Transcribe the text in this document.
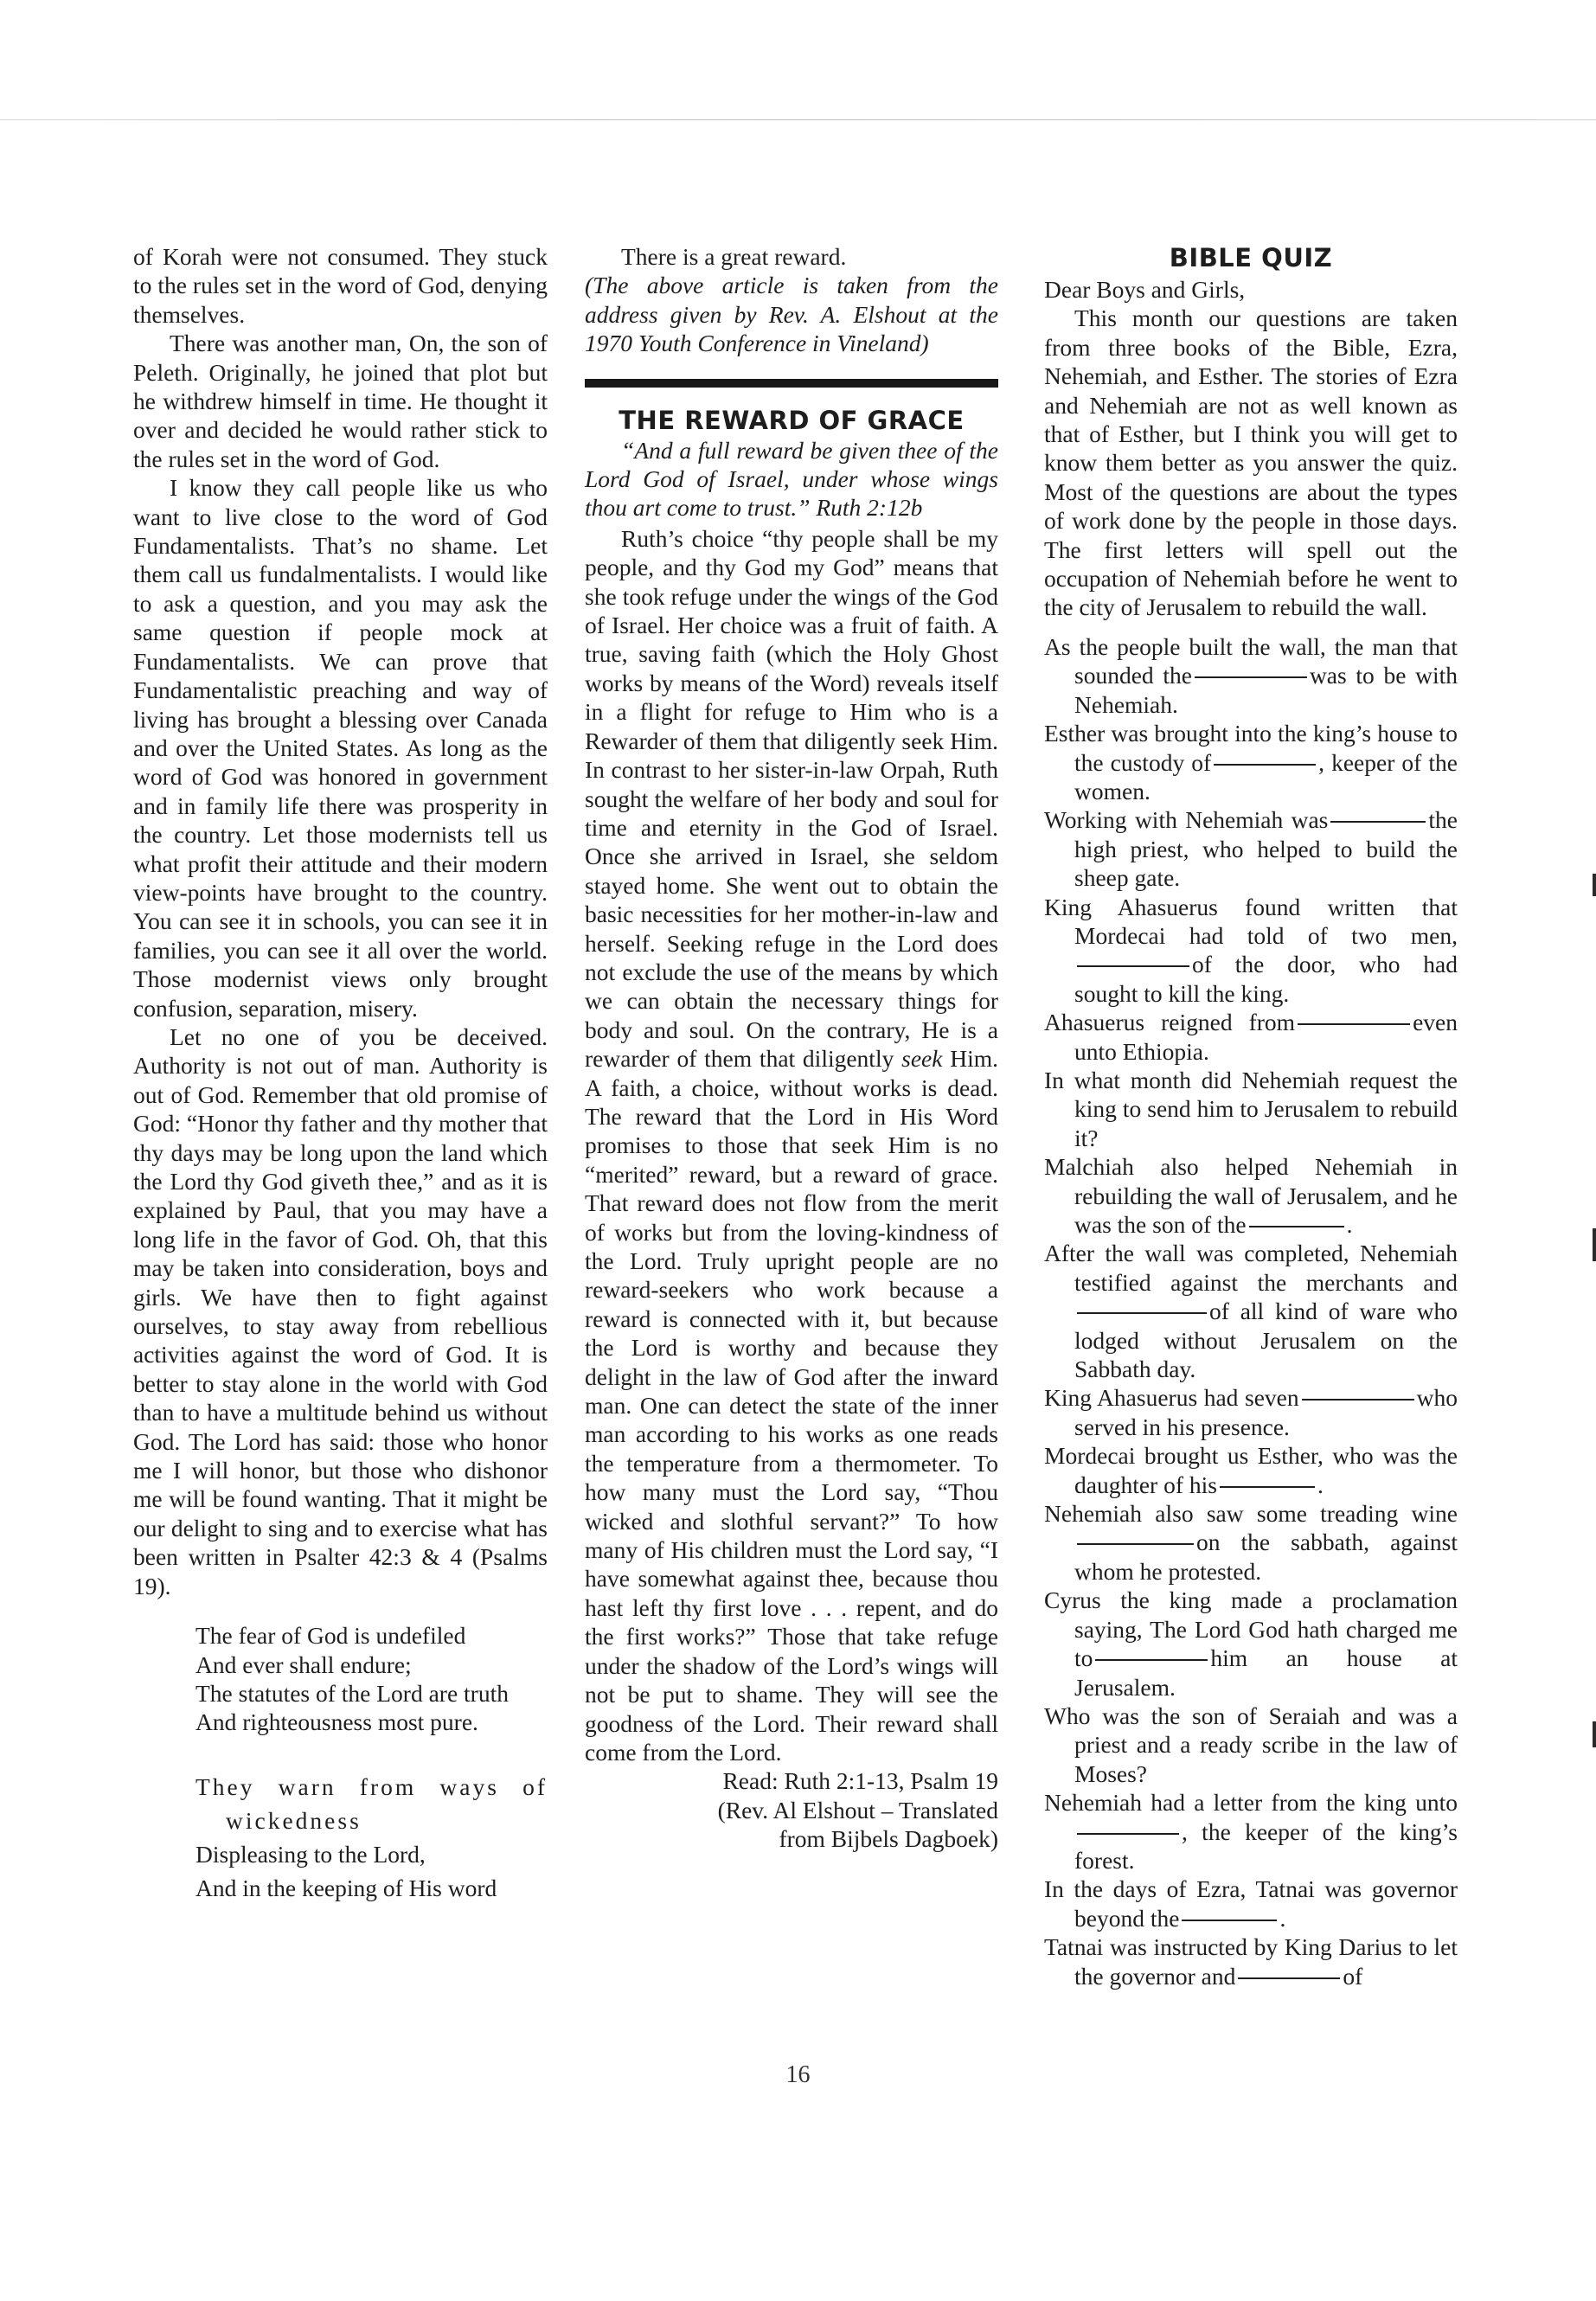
of Korah were not consumed. They stuck to the rules set in the word of God, denying themselves.

There was another man, On, the son of Peleth. Originally, he joined that plot but he withdrew himself in time. He thought it over and decided he would rather stick to the rules set in the word of God.

I know they call people like us who want to live close to the word of God Fundamentalists. That’s no shame. Let them call us fundalmentalists. I would like to ask a question, and you may ask the same question if people mock at Fundamentalists. We can prove that Fundamentalistic preaching and way of living has brought a blessing over Canada and over the United States. As long as the word of God was honored in government and in family life there was prosperity in the country. Let those modernists tell us what profit their attitude and their modern view-points have brought to the country. You can see it in schools, you can see it in families, you can see it all over the world. Those modernist views only brought confusion, separation, misery.

Let no one of you be deceived. Authority is not out of man. Authority is out of God. Remember that old promise of God: “Honor thy father and thy mother that thy days may be long upon the land which the Lord thy God giveth thee,” and as it is explained by Paul, that you may have a long life in the favor of God. Oh, that this may be taken into consideration, boys and girls. We have then to fight against ourselves, to stay away from rebellious activities against the word of God. It is better to stay alone in the world with God than to have a multitude behind us without God. The Lord has said: those who honor me I will honor, but those who dishonor me will be found wanting. That it might be our delight to sing and to exercise what has been written in Psalter 42:3 & 4 (Psalms 19).

The fear of God is undefiled

And ever shall endure;

The statutes of the Lord are truth

And righteousness most pure.

They warn from ways of wickedness

Displeasing to the Lord,

And in the keeping of His word

There is a great reward.

(The above article is taken from the address given by Rev. A. Elshout at the 1970 Youth Conference in Vineland)

THE REWARD OF GRACE

“And a full reward be given thee of the Lord God of Israel, under whose wings thou art come to trust.” Ruth 2:12b

Ruth’s choice “thy people shall be my people, and thy God my God” means that she took refuge under the wings of the God of Israel. Her choice was a fruit of faith. A true, saving faith (which the Holy Ghost works by means of the Word) reveals itself in a flight for refuge to Him who is a Rewarder of them that diligently seek Him. In contrast to her sister-in-law Orpah, Ruth sought the welfare of her body and soul for time and eternity in the God of Israel. Once she arrived in Israel, she seldom stayed home. She went out to obtain the basic necessities for her mother-in-law and herself. Seeking refuge in the Lord does not exclude the use of the means by which we can obtain the necessary things for body and soul. On the contrary, He is a rewarder of them that diligently seek Him. A faith, a choice, without works is dead. The reward that the Lord in His Word promises to those that seek Him is no “merited” reward, but a reward of grace. That reward does not flow from the merit of works but from the loving-kindness of the Lord. Truly upright people are no reward-seekers who work because a reward is connected with it, but because the Lord is worthy and because they delight in the law of God after the inward man. One can detect the state of the inner man according to his works as one reads the temperature from a thermometer. To how many must the Lord say, “Thou wicked and slothful servant?” To how many of His children must the Lord say, “I have somewhat against thee, because thou hast left thy first love . . . repent, and do the first works?” Those that take refuge under the shadow of the Lord’s wings will not be put to shame. They will see the goodness of the Lord. Their reward shall come from the Lord.

Read: Ruth 2:1-13, Psalm 19

(Rev. Al Elshout – Translated

from Bijbels Dagboek)

BIBLE QUIZ

Dear Boys and Girls,

This month our questions are taken from three books of the Bible, Ezra, Nehemiah, and Esther. The stories of Ezra and Nehemiah are not as well known as that of Esther, but I think you will get to know them better as you answer the quiz. Most of the questions are about the types of work done by the people in those days. The first letters will spell out the occupation of Nehemiah before he went to the city of Jerusalem to rebuild the wall.

As the people built the wall, the man that sounded the	was to be with Nehemiah.

Esther was brought into the king’s house to the custody of	, keeper of the women.

Working with Nehemiah was	the high priest, who helped to build the sheep gate.

King Ahasuerus found written that Mordecai had told of two men,of the door, who had sought to kill the king.

Ahasuerus reigned from	even unto Ethiopia.

In what month did Nehemiah request the king to send him to Jerusalem to rebuild it?

Malchiah also helped Nehemiah in rebuilding the wall of Jerusalem, and he was the son of the	.

After the wall was completed, Nehemiah testified against the merchants andof all kind of ware who lodged without Jerusalem on the Sabbath day.

King Ahasuerus had seven	who served in his presence.

Mordecai brought us Esther, who was the daughter of his	.

Nehemiah also saw some treading wineon the sabbath, against whom he protested.

Cyrus the king made a proclamation saying, The Lord God hath charged me to	him an house at Jerusalem.

Who was the son of Seraiah and was a priest and a ready scribe in the law of Moses?

Nehemiah had a letter from the king unto, the keeper of the king’s forest.

In the days of Ezra, Tatnai was governor beyond the	.

Tatnai was instructed by King Darius to let the governor and	of

16
